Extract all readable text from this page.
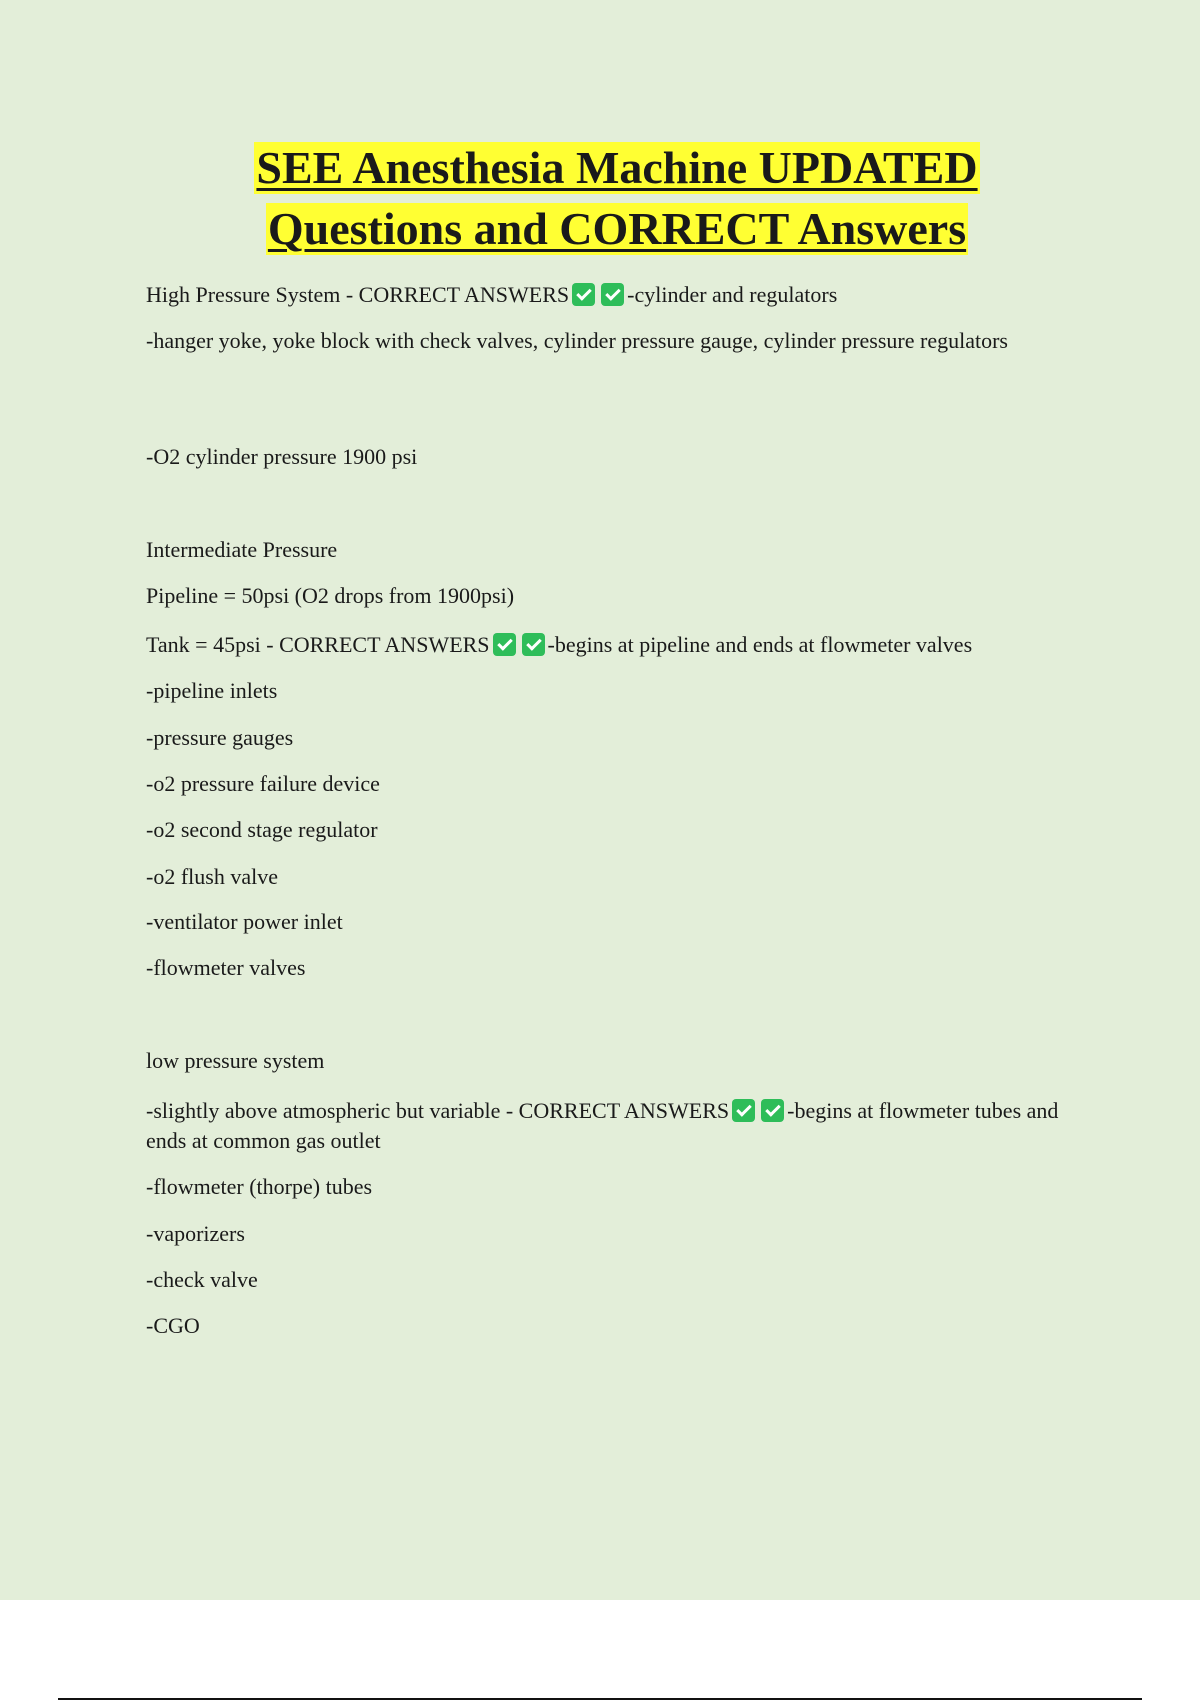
SEE Anesthesia Machine UPDATED
Questions and CORRECT Answers
High Pressure System - CORRECT ANSWERS	-cylinder and regulators
-hanger yoke, yoke block with check valves, cylinder pressure gauge, cylinder pressure regulators
-O2 cylinder pressure 1900 psi
Intermediate Pressure
Pipeline = 50psi (O2 drops from 1900psi)
Tank = 45psi - CORRECT ANSWERS	-begins at pipeline and ends at flowmeter valves
-pipeline inlets
-pressure gauges
-o2 pressure failure device
-o2 second stage regulator
-o2 flush valve
-ventilator power inlet
-flowmeter valves
low pressure system
-slightly above atmospheric but variable - CORRECT ANSWERS	-begins at flowmeter tubes and ends at common gas outlet
-flowmeter (thorpe) tubes
-vaporizers
-check valve
-CGO
